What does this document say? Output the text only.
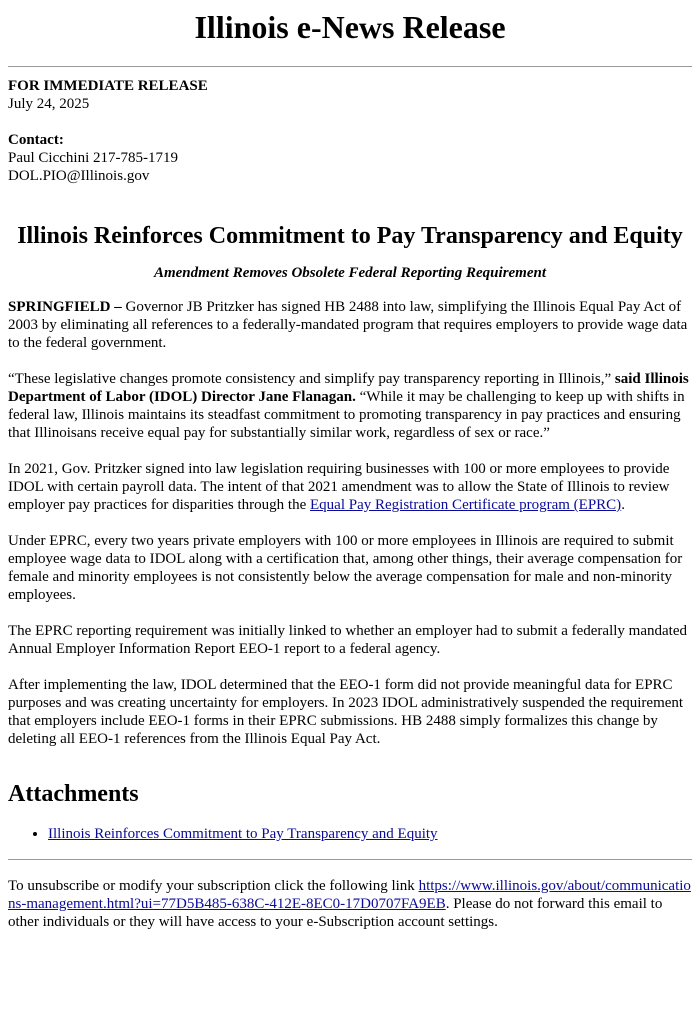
Illinois e-News Release

FOR IMMEDIATE RELEASE

July 24, 2025

Contact:

Paul Cicchini 217-785-1719

DOL.PIO@Illinois.gov

Illinois Reinforces Commitment to Pay Transparency and Equity
Amendment Removes Obsolete Federal Reporting Requirement

SPRINGFIELD – Governor JB Pritzker has signed HB 2488 into law, simplifying the Illinois Equal Pay Act of 2003 by eliminating all references to a federally-mandated program that requires employers to provide wage data to the federal government.

“These legislative changes promote consistency and simplify pay transparency reporting in Illinois,” said Illinois Department of Labor (IDOL) Director Jane Flanagan. “While it may be challenging to keep up with shifts in federal law, Illinois maintains its steadfast commitment to promoting transparency in pay practices and ensuring that Illinoisans receive equal pay for substantially similar work, regardless of sex or race.”

In 2021, Gov. Pritzker signed into law legislation requiring businesses with 100 or more employees to provide IDOL with certain payroll data. The intent of that 2021 amendment was to allow the State of Illinois to review employer pay practices for disparities through the Equal Pay Registration Certificate program (EPRC).

Under EPRC, every two years private employers with 100 or more employees in Illinois are required to submit employee wage data to IDOL along with a certification that, among other things, their average compensation for female and minority employees is not consistently below the average compensation for male and non-minority employees.

The EPRC reporting requirement was initially linked to whether an employer had to submit a federally mandated Annual Employer Information Report EEO-1 report to a federal agency.

After implementing the law, IDOL determined that the EEO-1 form did not provide meaningful data for EPRC purposes and was creating uncertainty for employers. In 2023 IDOL administratively suspended the requirement that employers include EEO-1 forms in their EPRC submissions. HB 2488 simply formalizes this change by deleting all EEO-1 references from the Illinois Equal Pay Act.

Attachments
• Illinois Reinforces Commitment to Pay Transparency and Equity

To unsubscribe or modify your subscription click the following link https://www.illinois.gov/about/communications-management.html?ui=77D5B485-638C-412E-8EC0-17D0707FA9EB. Please do not forward this email to other individuals or they will have access to your e-Subscription account settings.
